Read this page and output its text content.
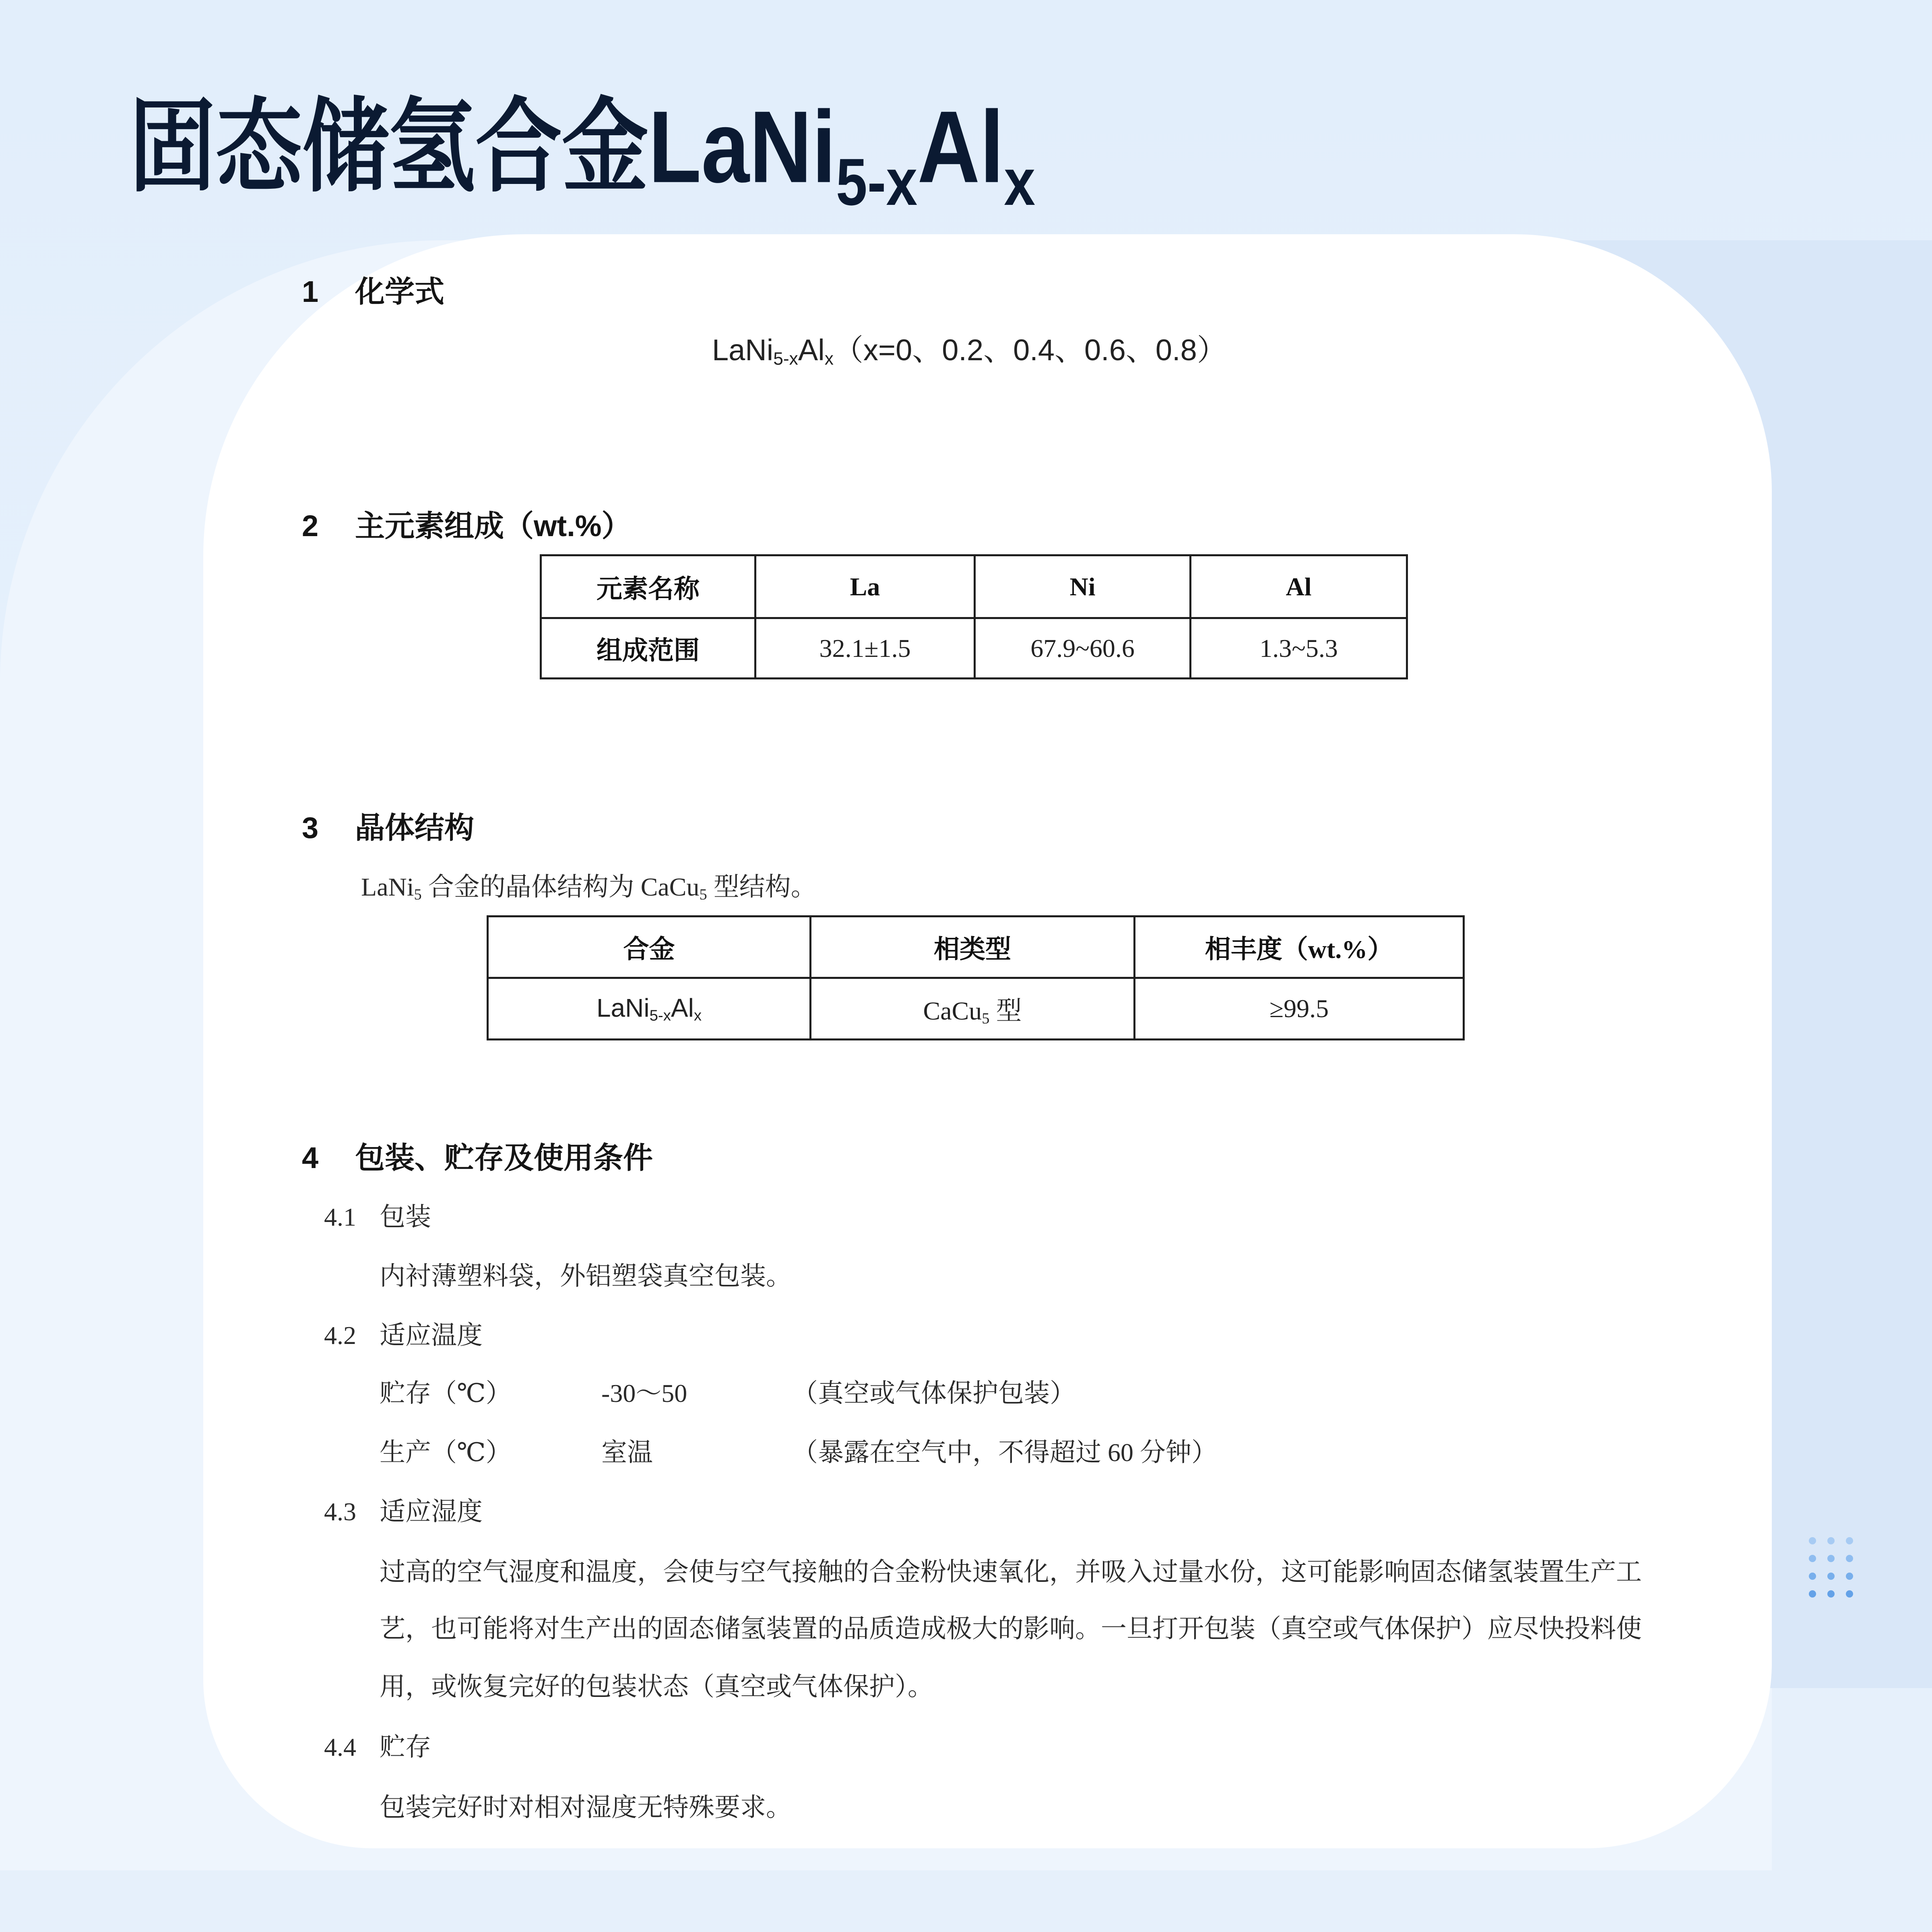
固态储氢合金$LaNi_{5-x}Al_x$
1 化学式
$LaNi_{5-x}Al_x(x=0$、0.2、0.4、0.6、0.8）
2 主元素组成（wt.%）
元素名称	La	Ni	Al
组成范围	32.1±1.5	67.9~60.6	1.3~5.3
3 晶体结构
LaNi$_5$ 合金的晶体结构为 CaCu$_5$ 型结构。
合金	相类型	相丰度（wt.%）
$LaNi_{5-x}Al_x$	CaCu$_5$ 型	≥99.5
4 包装、贮存及使用条件
4.1 包装
内衬薄塑料袋，外铝塑袋真空包装。
4.2 适应温度
贮存（℃）	-30～50	（真空或气体保护包装）
生产（℃）	室温	（暴露在空气中，不得超过 60 分钟）
4.3 适应湿度
过高的空气湿度和温度，会使与空气接触的合金粉快速氧化，并吸入过量水份，这可能影响固态储氢装置生产工
艺，也可能将对生产出的固态储氢装置的品质造成极大的影响。一旦打开包装（真空或气体保护）应尽快投料使
用，或恢复完好的包装状态（真空或气体保护）。
4.4 贮存
包装完好时对相对湿度无特殊要求。
